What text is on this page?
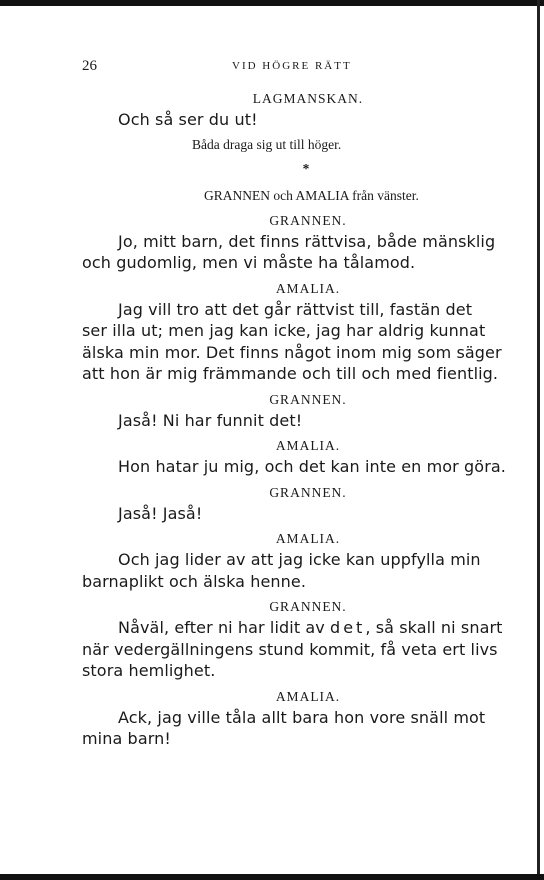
26	VID HÖGRE RÄTT

LAGMANSKAN.

Och så ser du ut!

Båda draga sig ut till höger.

*

GRANNEN och AMALIA från vänster.

GRANNEN.

Jo, mitt barn, det finns rättvisa, både mänsklig

och gudomlig, men vi måste ha tålamod.

AMALIA.

Jag vill tro att det går rättvist till, fastän det

ser illa ut; men jag kan icke, jag har aldrig kunnat

älska min mor. Det finns något inom mig som säger

att hon är mig främmande och till och med fientlig.

GRANNEN.

Jaså! Ni har funnit det!

AMALIA.

Hon hatar ju mig, och det kan inte en mor göra.

GRANNEN.

Jaså! Jaså!

AMALIA.

Och jag lider av att jag icke kan uppfylla min

barnaplikt och älska henne.

GRANNEN.

Nåväl, efter ni har lidit av det, så skall ni snart

när vedergällningens stund kommit, få veta ert livs

stora hemlighet.

AMALIA.

Ack, jag ville tåla allt bara hon vore snäll mot

mina barn!
